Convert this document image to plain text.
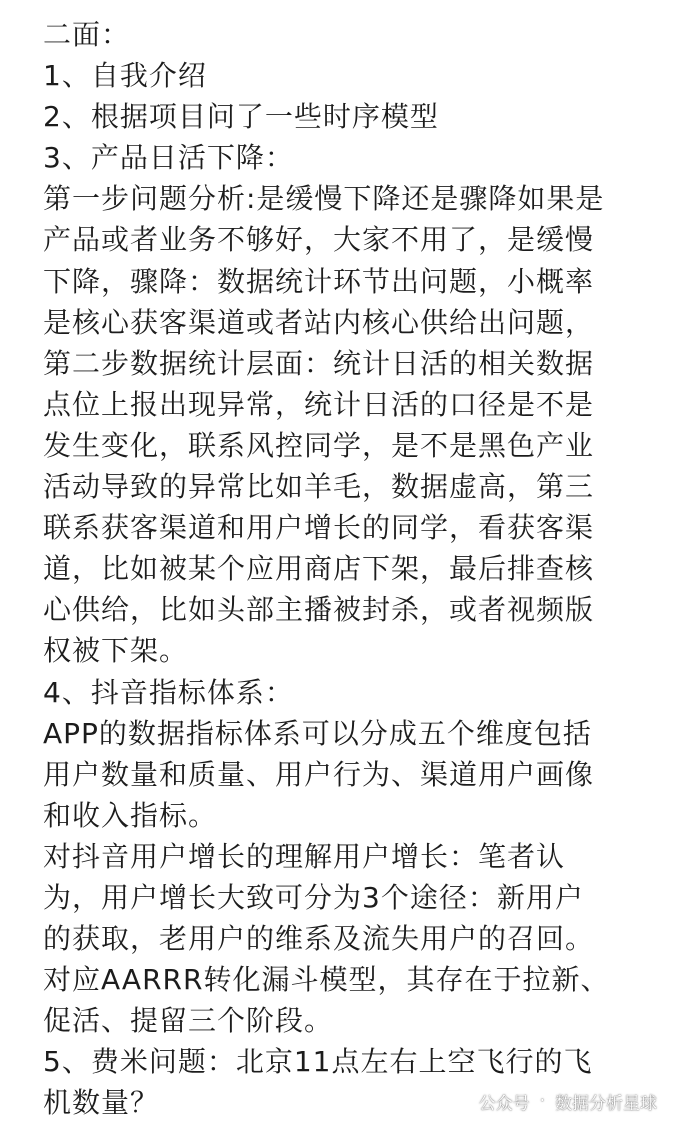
二面：
1、自我介绍
2、根据项目问了一些时序模型
3、产品日活下降：
第一步问题分析:是缓慢下降还是骤降如果是
产品或者业务不够好，大家不用了，是缓慢
下降，骤降：数据统计环节出问题，小概率
是核心获客渠道或者站内核心供给出问题，
第二步数据统计层面：统计日活的相关数据
点位上报出现异常，统计日活的口径是不是
发生变化，联系风控同学，是不是黑色产业
活动导致的异常比如羊毛，数据虚高，第三
联系获客渠道和用户增长的同学，看获客渠
道，比如被某个应用商店下架，最后排查核
心供给，比如头部主播被封杀，或者视频版
权被下架。
4、抖音指标体系：
APP的数据指标体系可以分成五个维度包括
用户数量和质量、用户行为、渠道用户画像
和收入指标。
对抖音用户增长的理解用户增长：笔者认
为，用户增长大致可分为3个途径：新用户
的获取，老用户的维系及流失用户的召回。
对应AARRR转化漏斗模型，其存在于拉新、
促活、提留三个阶段。
5、费米问题：北京11点左右上空飞行的飞
机数量？	公众号 · 数据分析星球
